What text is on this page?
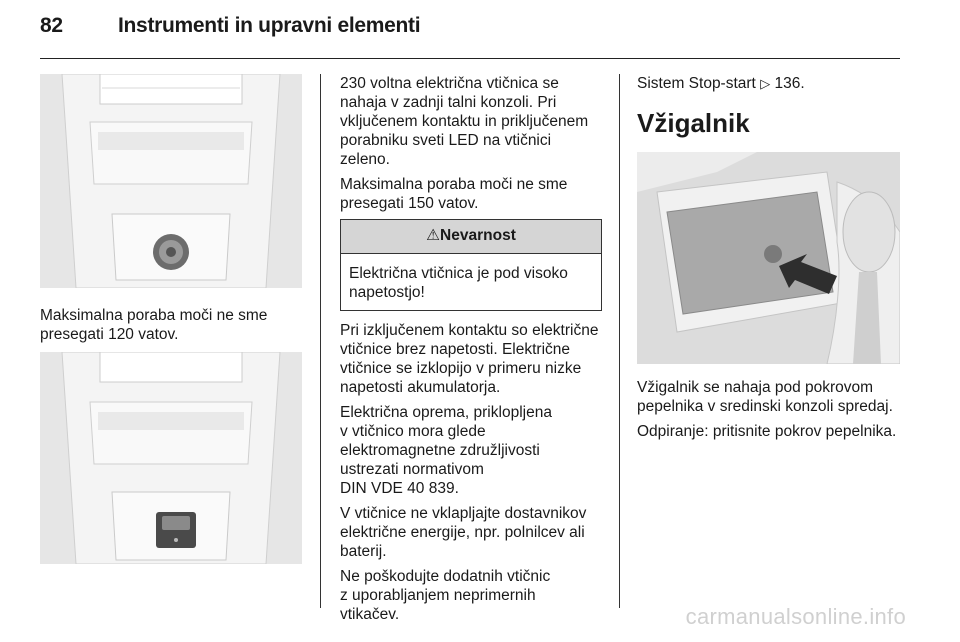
82	Instrumenti in upravni elementi

Maksimalna poraba moči ne sme presegati 120 vatov.

230 voltna električna vtičnica se nahaja v zadnji talni konzoli. Pri vključenem kontaktu in priključenem porabniku sveti LED na vtičnici zeleno.

Maksimalna poraba moči ne sme presegati 150 vatov.

⚠Nevarnost
Električna vtičnica je pod visoko napetostjo!

Pri izključenem kontaktu so električne vtičnice brez napetosti. Električne vtičnice se izklopijo v primeru nizke napetosti akumulatorja.

Električna oprema, priklopljena
v vtičnico mora glede
elektromagnetne združljivosti
ustrezati normativom
DIN VDE 40 839.

V vtičnice ne vklapljajte dostavnikov električne energije, npr. polnilcev ali baterij.

Ne poškodujte dodatnih vtičnic
z uporabljanjem neprimernih
vtikačev.

Sistem Stop-start ▷ 136.

Vžigalnik

Vžigalnik se nahaja pod pokrovom pepelnika v sredinski konzoli spredaj.

Odpiranje: pritisnite pokrov pepelnika.

carmanualsonline.info
